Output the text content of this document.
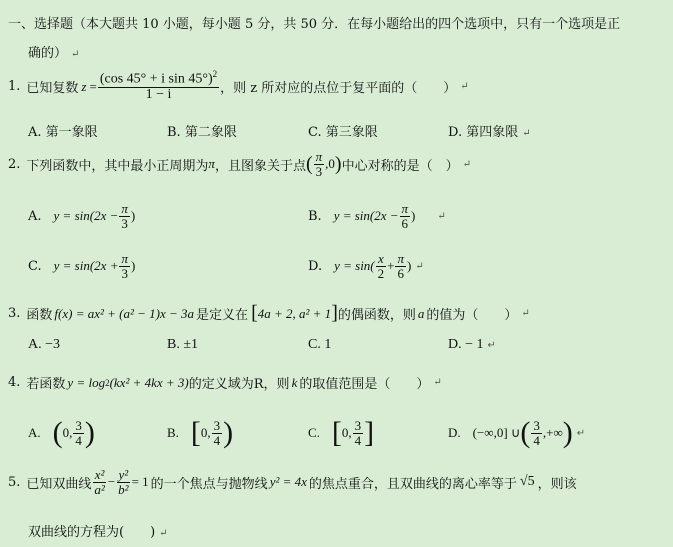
一、选择题（本大题共 10 小题，每小题 5 分，共 50 分．在每小题给出的四个选项中，只有一个选项是正
确的） ↵
1. 已知复数 $z = \frac{(\cos 45^\circ + i \sin 45^\circ)^2}{1 - i}$ ，则 z 所对应的点位于复平面的（　　） ↵
A. 第一象限	B. 第二象限	C. 第三象限	D. 第四象限 ↵
2. 下列函数中，其中最小正周期为 π ，且图象关于点 ( $\frac{\pi}{3} ,0$ ) 中心对称的是（　） ↵
A. $y = \sin(2x - \frac{\pi}{3}$ )	B. $y = \sin(2x - \frac{\pi}{6}$ ) ↵
C. $y = \sin(2x + \frac{\pi}{3}$ )	D. $y = \sin( \frac{x}{2} + \frac{\pi}{6}$ ) ↵
3. 函数 f(x) = ax² + (a² − 1)x − 3a 是定义在 [ 4a + 2, a² + 1 ] 的偶函数，则 a 的值为（　　） ↵
A. −3	B. ±1	C. 1	D. − 1 ↵
4. 若函数 y = log 2 (kx² + 4kx + 3) 的定义域为R，则 k 的取值范围是（　　） ↵
A. ( 0, $\frac{3}{4}$ )	B. [ 0, $\frac{3}{4}$ )	C. [ 0, $\frac{3}{4}$ ]	D. (−∞,0] ∪ ( $\frac{3}{4}$ ,+∞ ) ↵
5. 已知双曲线 $\frac{\text{x²}}{\text{a²}} - \frac{\text{y²}}{\text{b²}} = 1$ 的一个焦点与抛物线 y² = 4x 的焦点重合，且双曲线的离心率等于 √5 ，则该
双曲线的方程为(　　) ↵
